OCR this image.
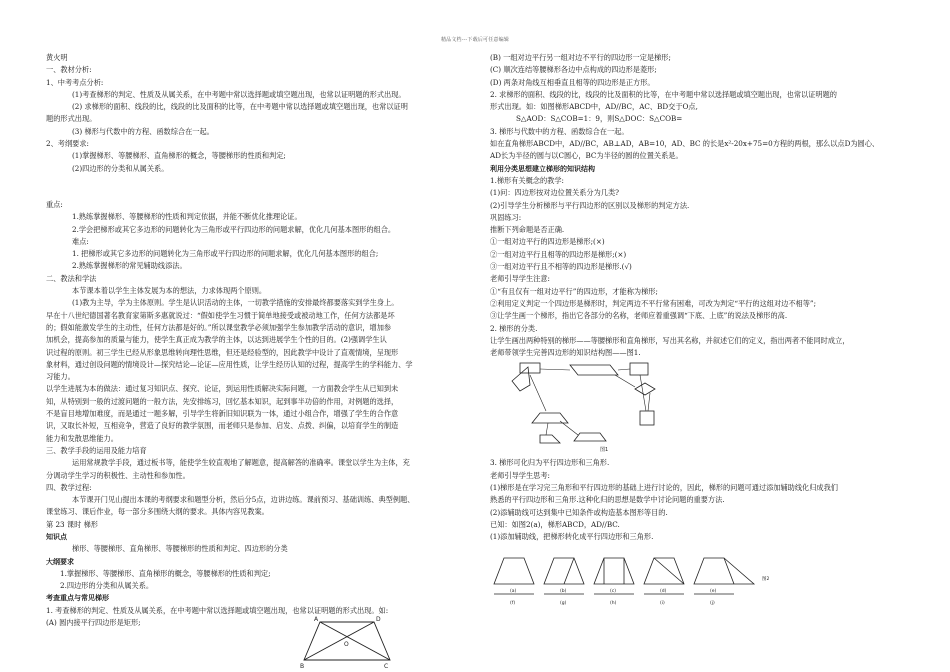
精品文档---下载后可任意编辑
黄火明
一、教材分析:
1、中考考点分析:
(1)考查梯形的判定、性质及从属关系，在中考题中常以选择题或填空题出现，也常以证明题的形式出现。
(2) 求梯形的面积、线段的比，线段的比及面积的比等，在中考题中常以选择题或填空题出现，也常以证明
题的形式出现。
(3) 梯形与代数中的方程、函数综合在一起。
2、考纲要求:
(1)掌握梯形、等腰梯形、直角梯形的概念，等腰梯形的性质和判定;
(2)四边形的分类和从属关系。
重点:
1.熟练掌握梯形、等腰梯形的性质和判定依据，并能不断优化推理论证。
2.学会把梯形或其它多边形的问题转化为三角形或平行四边形的问题求解，优化几何基本图形的组合。
难点:
1. 把梯形或其它多边形的问题转化为三角形或平行四边形的问题求解，优化几何基本图形的组合;
2.熟练掌握梯形的常见辅助线添法。
二、教法和学法
本节课本着以学生主体发展为本的想法，力求体现两个原则。
(1)教为主导，学为主体原则。学生是认识活动的主体，一切教学措施的安排最终都要落实到学生身上。
早在十八世纪德国著名教育家第斯多惠就说过：“假如使学生习惯于简单地接受或被动地工作，任何方法都是坏
的；假如能激发学生的主动性，任何方法都是好的。”所以课堂教学必须加强学生参加教学活动的意识，增加参
加机会，提高参加的质量与能力，使学生真正成为教学的主体，以达到进展学生个性的目的。(2)强调学生认
识过程的原则。初三学生已经从形象思维转向理性思维，但还是经验型的，因此教学中设计了直观情境，呈现形
象材料，通过创设问题的情境设计—探究结论—论证—应用性质，让学生经历认知的过程，提高学生的学科能力、学
习能力。
以学生进展为本的做法：通过复习知识点、探究、论证，到运用性质解决实际问题，一方面教会学生从已知到未
知，从特别到一般的过渡问题的一般方法，先安排练习，回忆基本知识，起到事半功倍的作用，对例题的选择，
不是盲目地增加难度，而是通过一题多解，引导学生将新旧知识联为一体，通过小组合作，增强了学生的合作意
识，又取长补短，互相竞争，营造了良好的教学氛围，而老师只是参加、启发、点拨、纠偏，以培育学生的制造
能力和发散思维能力。
三、教学手段的运用及能力培育
运用常规教学手段，通过板书等，能使学生较直观地了解题意，提高解答的准确率。课堂以学生为主体，充
分调动学生学习的积极性、主动性和参加性。
四、教学过程:
本节课开门见山提出本课的考纲要求和题型分析，然后分5点，边讲边练。课前预习、基础训练、典型例题、
课堂练习、课后作业，每一部分多围绕大纲的要求。具体内容见教案。
第 23 课时 梯形
知识点
梯形、等腰梯形、直角梯形、等腰梯形的性质和判定、四边形的分类
大纲要求
1.掌握梯形、等腰梯形、直角梯形的概念，等腰梯形的性质和判定;
2.四边形的分类和从属关系。
考查重点与常见梯形
1. 考查梯形的判定、性质及从属关系，在中考题中常以选择题或填空题出现，也常以证明题的形式出现。如:
(A) 圆内接平行四边形是矩形;
(B) 一组对边平行另一组对边不平行的四边形一定是梯形;
(C) 顺次连结等腰梯形各边中点构成的四边形是菱形;
(D) 两条对角线互相垂直且相等的四边形是正方形。
2. 求梯形的面积、线段的比，线段的比及面积的比等，在中考题中常以选择题或填空题出现，也常以证明题的
形式出现。如：如图梯形ABCD中，AD//BC，AC、BD交于O点,
S△AOD：S△COB=1：9，则S△DOC：S△COB=
3. 梯形与代数中的方程、函数综合在一起。
如在直角梯形ABCD中，AD//BC，AB⊥AD，AB=10，AD、BC 的长是x²-20x+75=0方程的两根，那么以点D为圆心、
AD长为半径的圆与以C圆心，BC为半径的圆的位置关系是。
利用分类思想建立梯形的知识结构
1.梯形有关概念的教学:
(1)问：四边形按对边位置关系分为几类?
(2)引导学生分析梯形与平行四边形的区别以及梯形的判定方法.
巩固练习:
推断下列命题是否正确.
①一组对边平行的四边形是梯形;(×)
②一组对边平行且相等的四边形是梯形;(×)
③一组对边平行且不相等的四边形是梯形.(√)
老师引导学生注意:
①“有且仅有一组对边平行”的四边形，才能称为梯形;
②利用定义判定一个四边形是梯形时，判定两边不平行常有困难，可改为判定“平行的这组对边不相等”;
③让学生画一个梯形，指出它各部分的名称，老师应着重强调“下底、上底”的说法及梯形的高.
2. 梯形的分类.
让学生画出两种特别的梯形——等腰梯形和直角梯形，写出其名称，并叙述它们的定义，指出两者不能同时成立，
老师带领学生完善四边形的知识结构图——图1.
图1
3. 梯形可化归为平行四边形和三角形.
老师引导学生思考:
(1)梯形是在学习完三角形和平行四边形的基础上进行讨论的，因此，梯形的问题可通过添加辅助线化归成我们
熟悉的平行四边形和三角形.这种化归的思想是数学中讨论问题的重要方法.
(2)添辅助线可达到集中已知条件或构造基本图形等目的.
已知：如图2(a)，梯形ABCD，AD//BC.
(1)添加辅助线，把梯形转化成平行四边形和三角形.
(a)	(b)	(c)	(d)	(e)
(f)	(g)	(h)	(i)	(j)
图2
A	D
O
B	C
